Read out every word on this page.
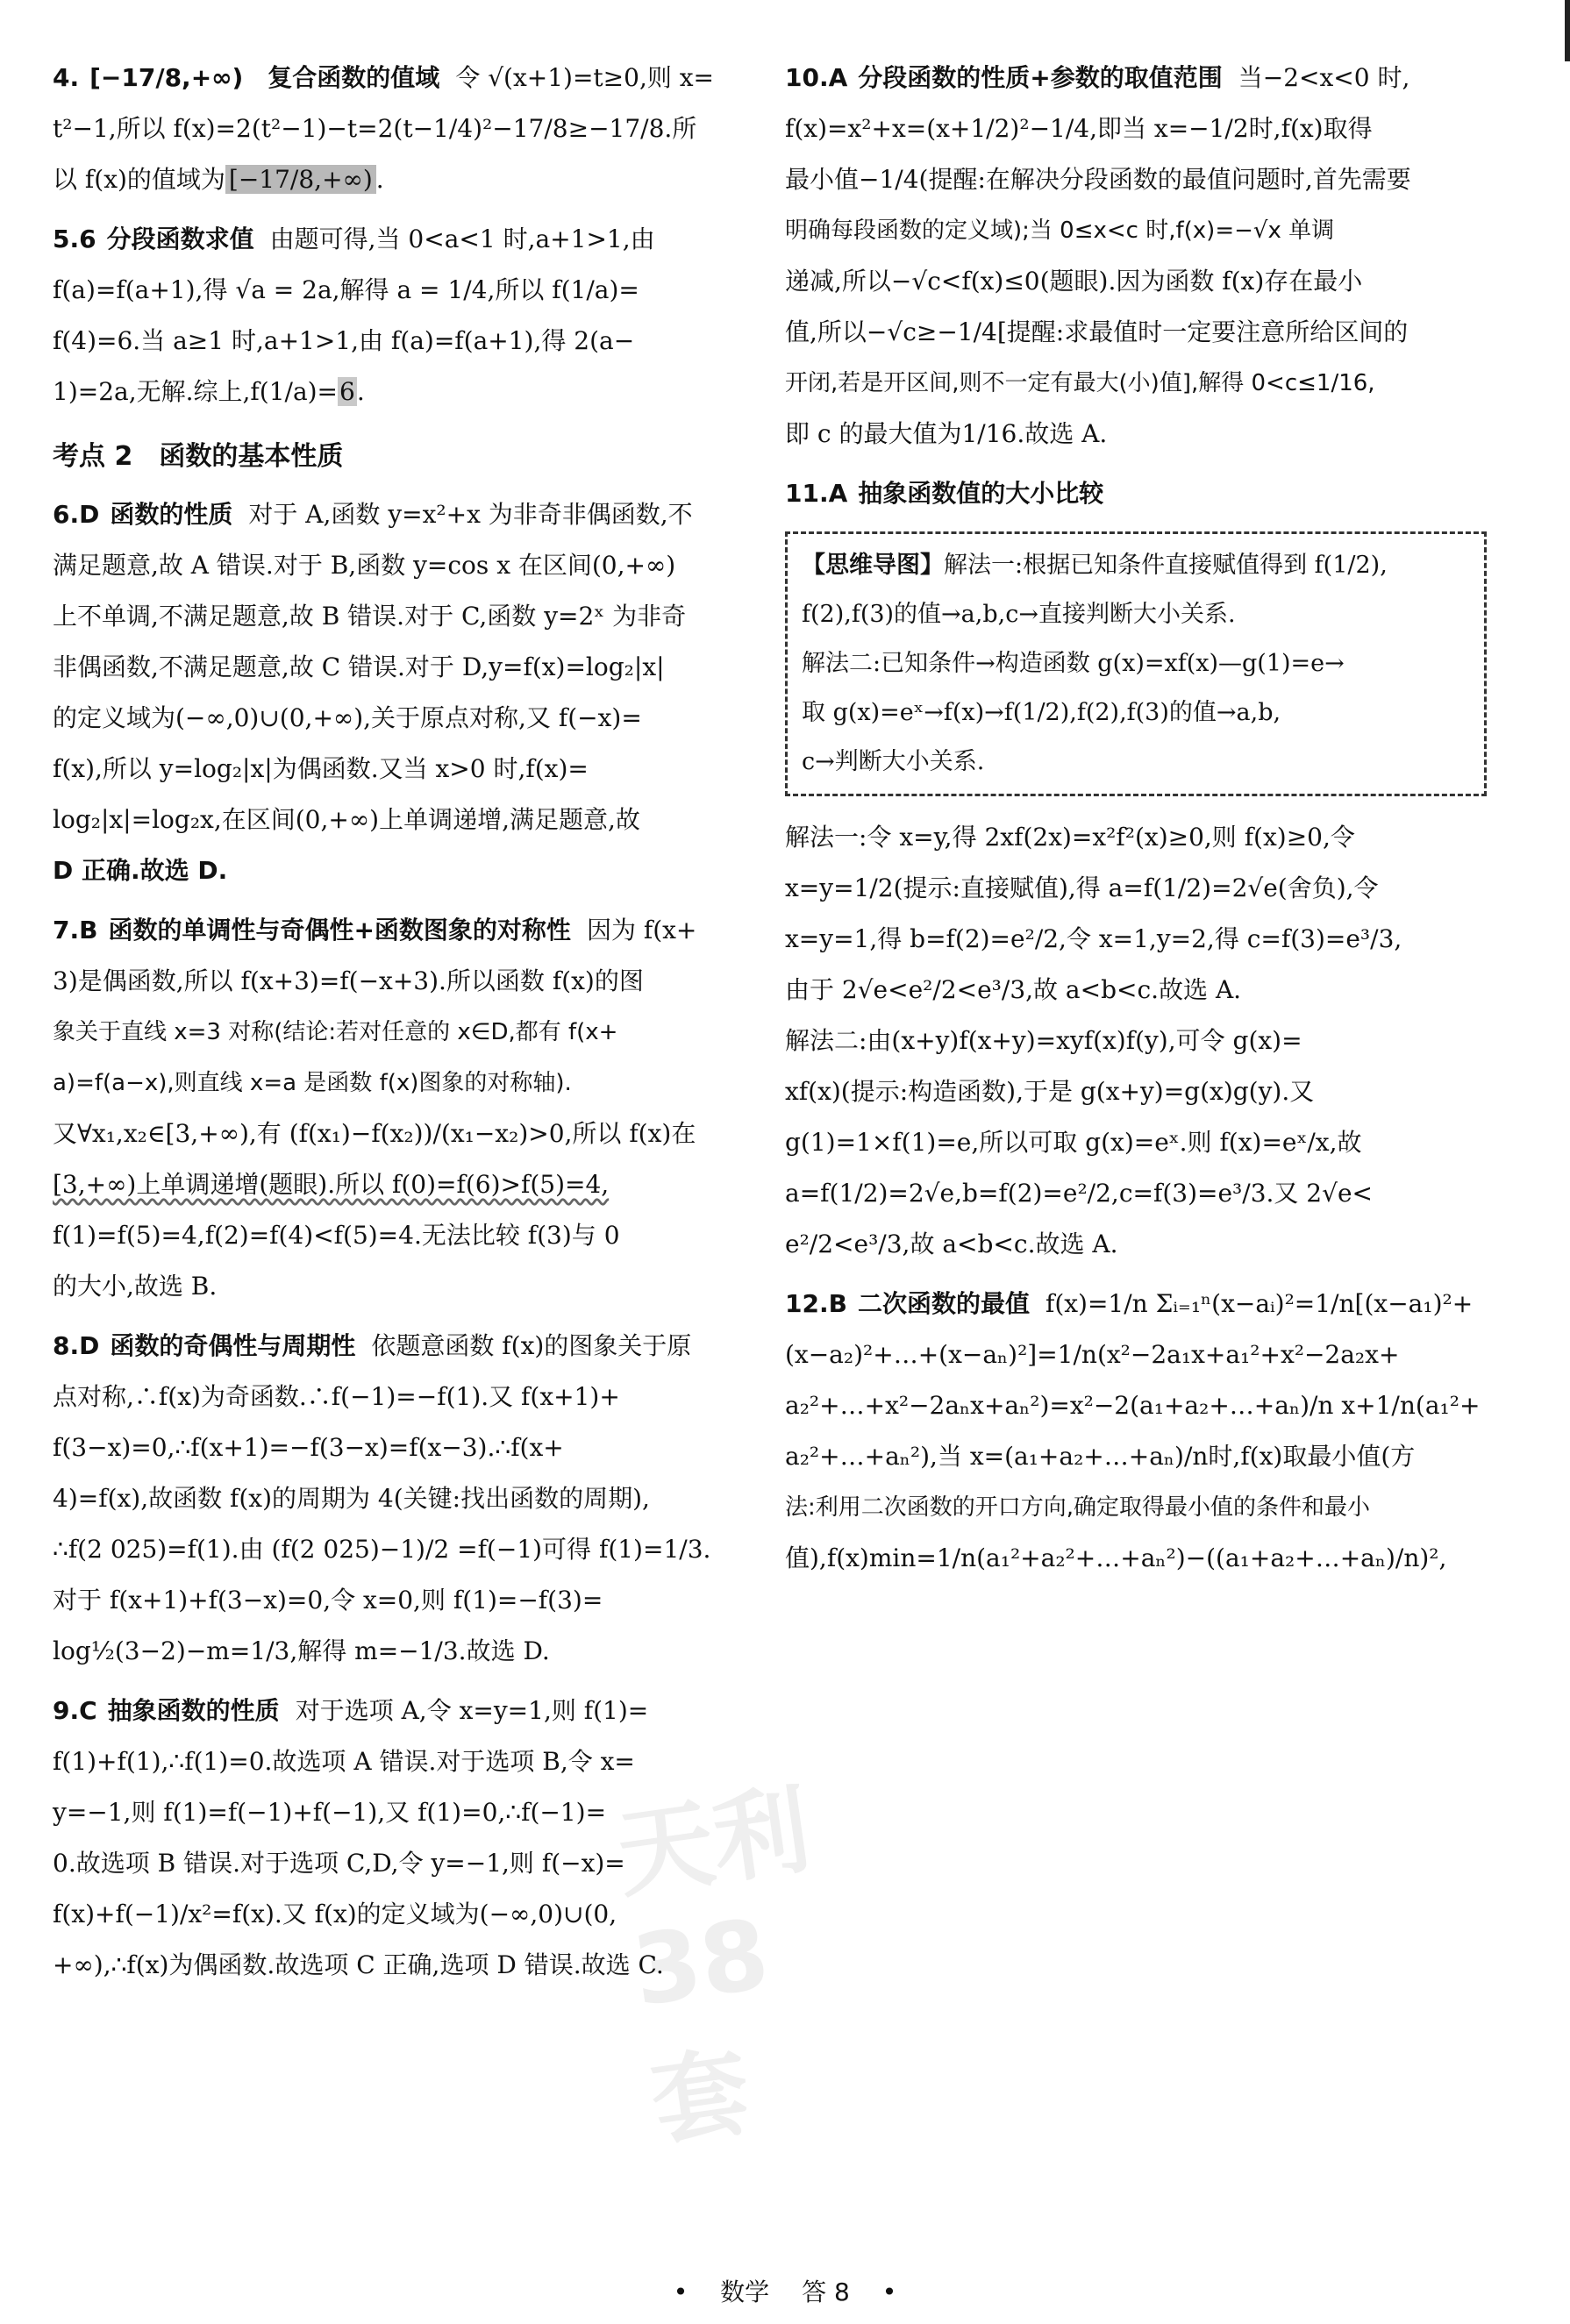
天利38套
4. [−17/8,+∞)　 复合函数的值域 令 √(x+1)=t≥0,则 x=
t²−1,所以 f(x)=2(t²−1)−t=2(t−1/4)²−17/8≥−17/8.所
以 f(x)的值域为 [−17/8,+∞) .
5.6 分段函数求值 由题可得,当 0<a<1 时,a+1>1,由
f(a)=f(a+1),得 √a = 2a,解得 a = 1/4,所以 f(1/a)=
f(4)=6.当 a≥1 时,a+1>1,由 f(a)=f(a+1),得 2(a−
1)=2a,无解.综上,f(1/a)=6.
考点 2　函数的基本性质
6.D 函数的性质 对于 A,函数 y=x²+x 为非奇非偶函数,不
满足题意,故 A 错误.对于 B,函数 y=cos x 在区间(0,+∞)
上不单调,不满足题意,故 B 错误.对于 C,函数 y=2ˣ 为非奇
非偶函数,不满足题意,故 C 错误.对于 D,y=f(x)=log₂|x|
的定义域为(−∞,0)∪(0,+∞),关于原点对称,又 f(−x)=
f(x),所以 y=log₂|x|为偶函数.又当 x>0 时,f(x)=
log₂|x|=log₂x,在区间(0,+∞)上单调递增,满足题意,故
D 正确.故选 D.
7.B 函数的单调性与奇偶性+函数图象的对称性 因为 f(x+
3)是偶函数,所以 f(x+3)=f(−x+3).所以函数 f(x)的图
象关于直线 x=3 对称(结论:若对任意的 x∈D,都有 f(x+
a)=f(a−x),则直线 x=a 是函数 f(x)图象的对称轴).
又∀x₁,x₂∈[3,+∞),有 (f(x₁)−f(x₂))/(x₁−x₂)>0,所以 f(x)在
[3,+∞)上单调递增(题眼).所以 f(0)=f(6)>f(5)=4,
f(1)=f(5)=4,f(2)=f(4)<f(5)=4.无法比较 f(3)与 0
的大小,故选 B.
8.D 函数的奇偶性与周期性 依题意函数 f(x)的图象关于原
点对称,∴f(x)为奇函数.∴f(−1)=−f(1).又 f(x+1)+
f(3−x)=0,∴f(x+1)=−f(3−x)=f(x−3).∴f(x+
4)=f(x),故函数 f(x)的周期为 4(关键:找出函数的周期),
∴f(2 025)=f(1).由 (f(2 025)−1)/2 =f(−1)可得 f(1)=1/3.
对于 f(x+1)+f(3−x)=0,令 x=0,则 f(1)=−f(3)=
log½(3−2)−m=1/3,解得 m=−1/3.故选 D.
9.C 抽象函数的性质 对于选项 A,令 x=y=1,则 f(1)=
f(1)+f(1),∴f(1)=0.故选项 A 错误.对于选项 B,令 x=
y=−1,则 f(1)=f(−1)+f(−1),又 f(1)=0,∴f(−1)=
0.故选项 B 错误.对于选项 C,D,令 y=−1,则 f(−x)=
f(x)+f(−1)/x²=f(x).又 f(x)的定义域为(−∞,0)∪(0,
+∞),∴f(x)为偶函数.故选项 C 正确,选项 D 错误.故选 C.
10.A 分段函数的性质+参数的取值范围 当−2<x<0 时,
f(x)=x²+x=(x+1/2)²−1/4,即当 x=−1/2时,f(x)取得
最小值−1/4(提醒:在解决分段函数的最值问题时,首先需要
明确每段函数的定义域);当 0≤x<c 时,f(x)=−√x 单调
递减,所以−√c<f(x)≤0(题眼).因为函数 f(x)存在最小
值,所以−√c≥−1/4[提醒:求最值时一定要注意所给区间的
开闭,若是开区间,则不一定有最大(小)值],解得 0<c≤1/16,
即 c 的最大值为1/16.故选 A.
11.A 抽象函数值的大小比较
【思维导图】解法一:根据已知条件直接赋值得到 f(1/2),
f(2),f(3)的值→a,b,c→直接判断大小关系.
解法二:已知条件→构造函数 g(x)=xf(x)—g(1)=e→
取 g(x)=eˣ→f(x)→f(1/2),f(2),f(3)的值→a,b,
c→判断大小关系.
解法一:令 x=y,得 2xf(2x)=x²f²(x)≥0,则 f(x)≥0,令
x=y=1/2(提示:直接赋值),得 a=f(1/2)=2√e(舍负),令
x=y=1,得 b=f(2)=e²/2,令 x=1,y=2,得 c=f(3)=e³/3,
由于 2√e<e²/2<e³/3,故 a<b<c.故选 A.
解法二:由(x+y)f(x+y)=xyf(x)f(y),可令 g(x)=
xf(x)(提示:构造函数),于是 g(x+y)=g(x)g(y).又
g(1)=1×f(1)=e,所以可取 g(x)=eˣ.则 f(x)=eˣ/x,故
a=f(1/2)=2√e,b=f(2)=e²/2,c=f(3)=e³/3.又 2√e<
e²/2<e³/3,故 a<b<c.故选 A.
12.B 二次函数的最值 f(x)=1/n Σᵢ₌₁ⁿ(x−aᵢ)²=1/n[(x−a₁)²+
(x−a₂)²+…+(x−aₙ)²]=1/n(x²−2a₁x+a₁²+x²−2a₂x+
a₂²+…+x²−2aₙx+aₙ²)=x²−2(a₁+a₂+…+aₙ)/n x+1/n(a₁²+
a₂²+…+aₙ²),当 x=(a₁+a₂+…+aₙ)/n时,f(x)取最小值(方
法:利用二次函数的开口方向,确定取得最小值的条件和最小
值),f(x)min=1/n(a₁²+a₂²+…+aₙ²)−((a₁+a₂+…+aₙ)/n)²,
• 数学 答 8 •
